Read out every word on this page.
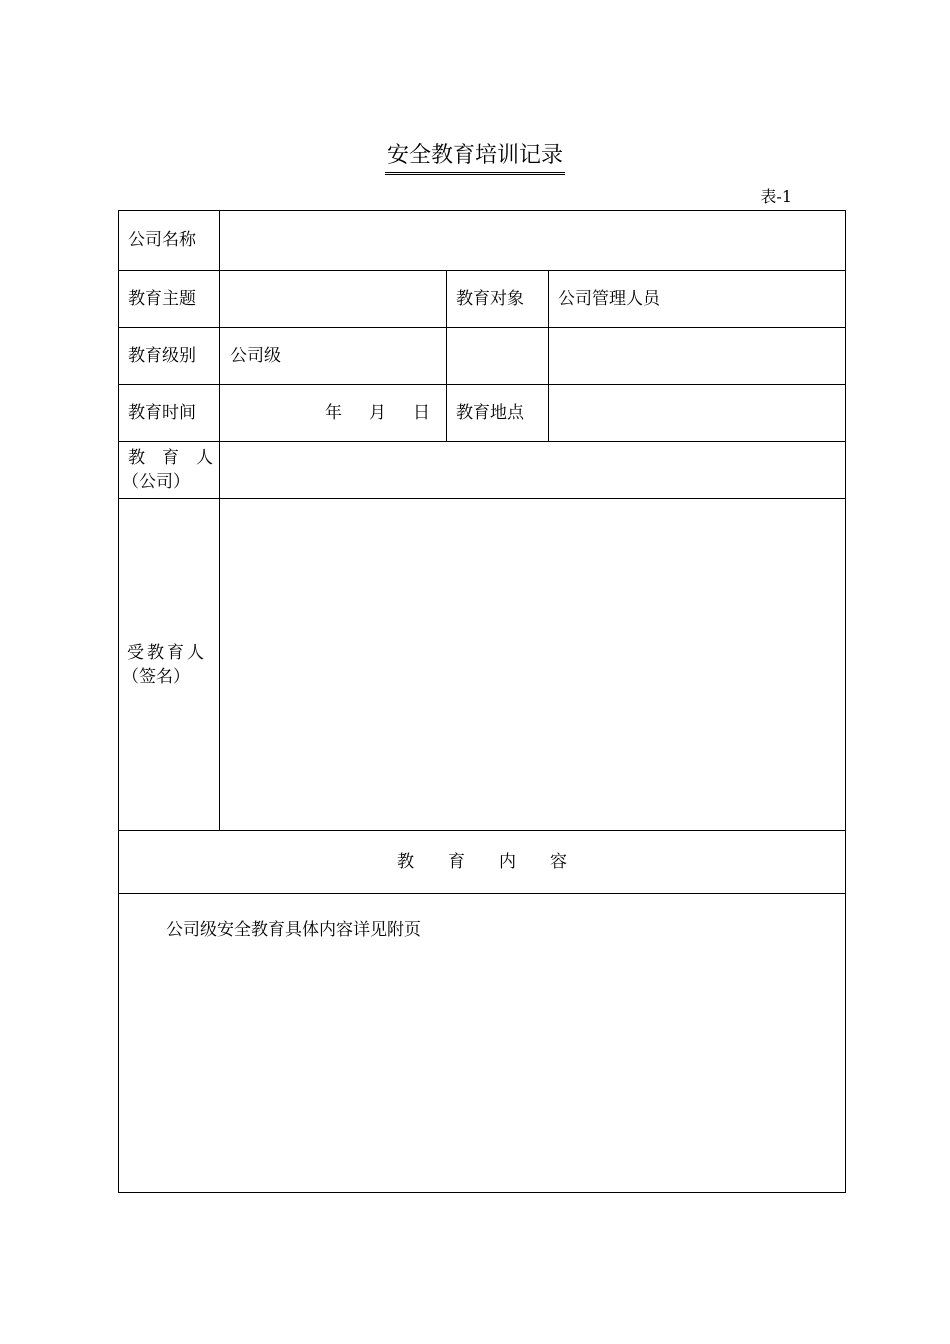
安全教育培训记录
表-1
公司名称
教育主题	教育对象 公司管理人员
教育级别 公司级
教育时间	年　月　日 教育地点
教　育　人
（公司）
受教育人
（签名）
教　　育　　内　　容
公司级安全教育具体内容详见附页
